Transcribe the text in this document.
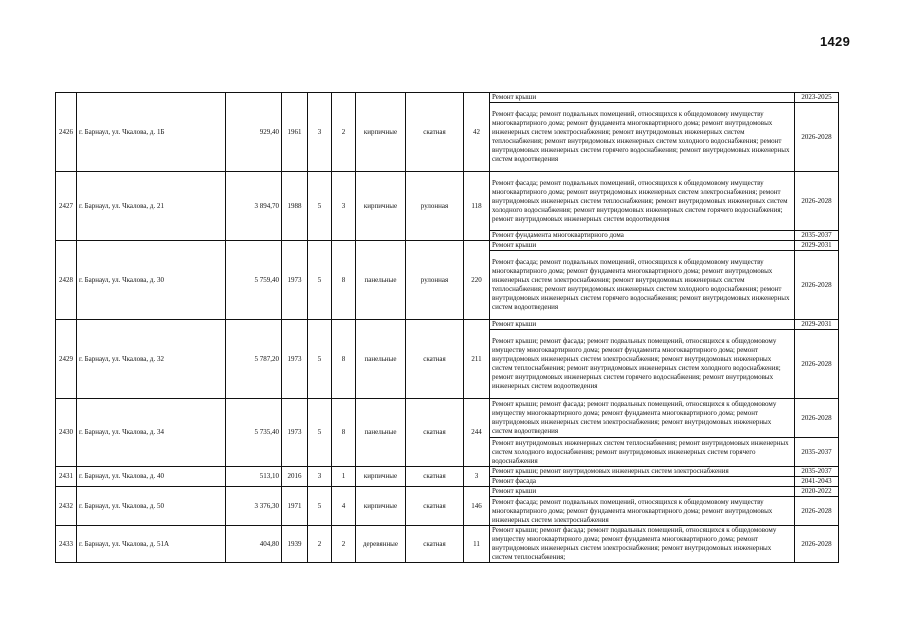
1429
2426	г. Барнаул, ул. Чкалова, д. 1Б	929,40	1961	3	2	кирпичные	скатная	42	Ремонт крыши	2023-2025
									Ремонт фасада; ремонт подвальных помещений, относящихся к общедомовому имуществу многоквартирного дома; ремонт фундамента многоквартирного дома; ремонт внутридомовых инженерных систем электроснабжения; ремонт внутридомовых инженерных систем теплоснабжения; ремонт внутридомовых инженерных систем холодного водоснабжения; ремонт внутридомовых инженерных систем горячего водоснабжения; ремонт внутридомовых инженерных систем водоотведения	2026-2028
2427	г. Барнаул, ул. Чкалова, д. 21	3 894,70	1988	5	3	кирпичные	рулонная	118	Ремонт фасада; ремонт подвальных помещений, относящихся к общедомовому имуществу многоквартирного дома; ремонт внутридомовых инженерных систем электроснабжения; ремонт внутридомовых инженерных систем теплоснабжения; ремонт внутридомовых инженерных систем холодного водоснабжения; ремонт внутридомовых инженерных систем горячего водоснабжения; ремонт внутридомовых инженерных систем водоотведения	2026-2028
									Ремонт фундамента многоквартирного дома	2035-2037
2428	г. Барнаул, ул. Чкалова, д. 30	5 759,40	1973	5	8	панельные	рулонная	220	Ремонт крыши	2029-2031
									Ремонт фасада; ремонт подвальных помещений, относящихся к общедомовому имуществу многоквартирного дома; ремонт фундамента многоквартирного дома; ремонт внутридомовых инженерных систем электроснабжения; ремонт внутридомовых инженерных систем теплоснабжения; ремонт внутридомовых инженерных систем холодного водоснабжения; ремонт внутридомовых инженерных систем горячего водоснабжения; ремонт внутридомовых инженерных систем водоотведения	2026-2028
2429	г. Барнаул, ул. Чкалова, д. 32	5 787,20	1973	5	8	панельные	скатная	211	Ремонт крыши	2029-2031
									Ремонт крыши; ремонт фасада; ремонт подвальных помещений, относящихся к общедомовому имуществу многоквартирного дома; ремонт фундамента многоквартирного дома; ремонт внутридомовых инженерных систем электроснабжения; ремонт внутридомовых инженерных систем теплоснабжения; ремонт внутридомовых инженерных систем холодного водоснабжения; ремонт внутридомовых инженерных систем горячего водоснабжения; ремонт внутридомовых инженерных систем водоотведения	2026-2028
2430	г. Барнаул, ул. Чкалова, д. 34	5 735,40	1973	5	8	панельные	скатная	244	Ремонт крыши; ремонт фасада; ремонт подвальных помещений, относящихся к общедомовому имуществу многоквартирного дома; ремонт фундамента многоквартирного дома; ремонт внутридомовых инженерных систем электроснабжения; ремонт внутридомовых инженерных систем водоотведения	2026-2028
									Ремонт внутридомовых инженерных систем теплоснабжения; ремонт внутридомовых инженерных систем холодного водоснабжения; ремонт внутридомовых инженерных систем горячего водоснабжения	2035-2037
2431	г. Барнаул, ул. Чкалова, д. 40	513,10	2016	3	1	кирпичные	скатная	3	Ремонт крыши; ремонт внутридомовых инженерных систем электроснабжения	2035-2037
									Ремонт фасада	2041-2043
2432	г. Барнаул, ул. Чкалова, д. 50	3 376,30	1971	5	4	кирпичные	скатная	146	Ремонт крыши	2020-2022
									Ремонт фасада; ремонт подвальных помещений, относящихся к общедомовому имуществу многоквартирного дома; ремонт фундамента многоквартирного дома; ремонт внутридомовых инженерных систем электроснабжения	2026-2028
2433	г. Барнаул, ул. Чкалова, д. 51А	404,80	1939	2	2	деревянные	скатная	11	Ремонт крыши; ремонт фасада; ремонт подвальных помещений, относящихся к общедомовому имуществу многоквартирного дома; ремонт фундамента многоквартирного дома; ремонт внутридомовых инженерных систем электроснабжения; ремонт внутридомовых инженерных систем теплоснабжения;	2026-2028
